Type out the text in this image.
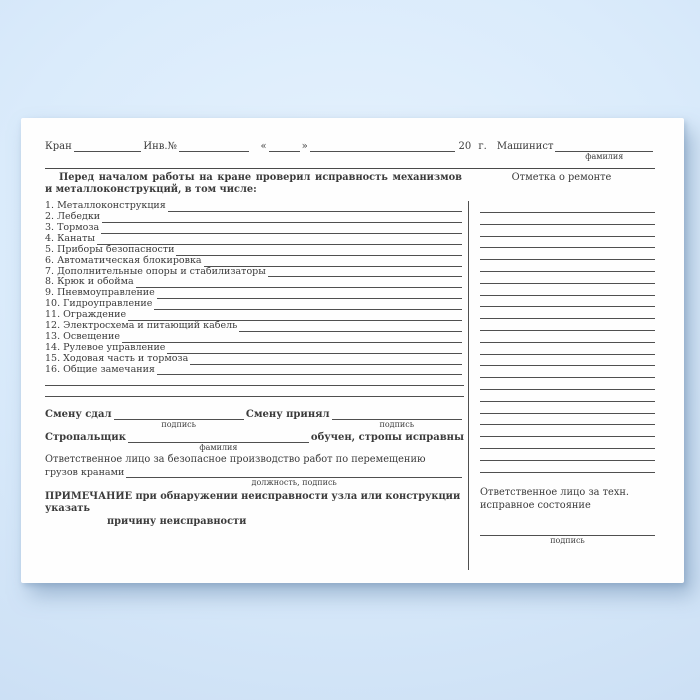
Кран	Инв.№	«	»	20 г. Машинист
фамилия

Перед началом работы на кране проверил исправность механизмов и металлоконструкций, в том числе:

Отметка о ремонте
1. Металлоконструкция
2. Лебедки
3. Тормоза
4. Канаты
5. Приборы безопасности
6. Автоматическая блокировка
7. Дополнительные опоры и стабилизаторы
8. Крюк и обойма
9. Пневмоуправление
10. Гидроуправление
11. Ограждение
12. Электросхема и питающий кабель
13. Освещение
14. Рулевое управление
15. Ходовая часть и тормоза
16. Общие замечания
Смену сдал
подпись
Смену принял
подпись
Стропальщик
фамилия
обучен, стропы исправны

Ответственное лицо за безопасное производство работ по перемещению

грузов кранами
должность, подпись

ПРИМЕЧАНИЕ при обнаружении неисправности узла или конструкции указать

причину неисправности

Ответственное лицо за техн.
исправное состояние

подпись
